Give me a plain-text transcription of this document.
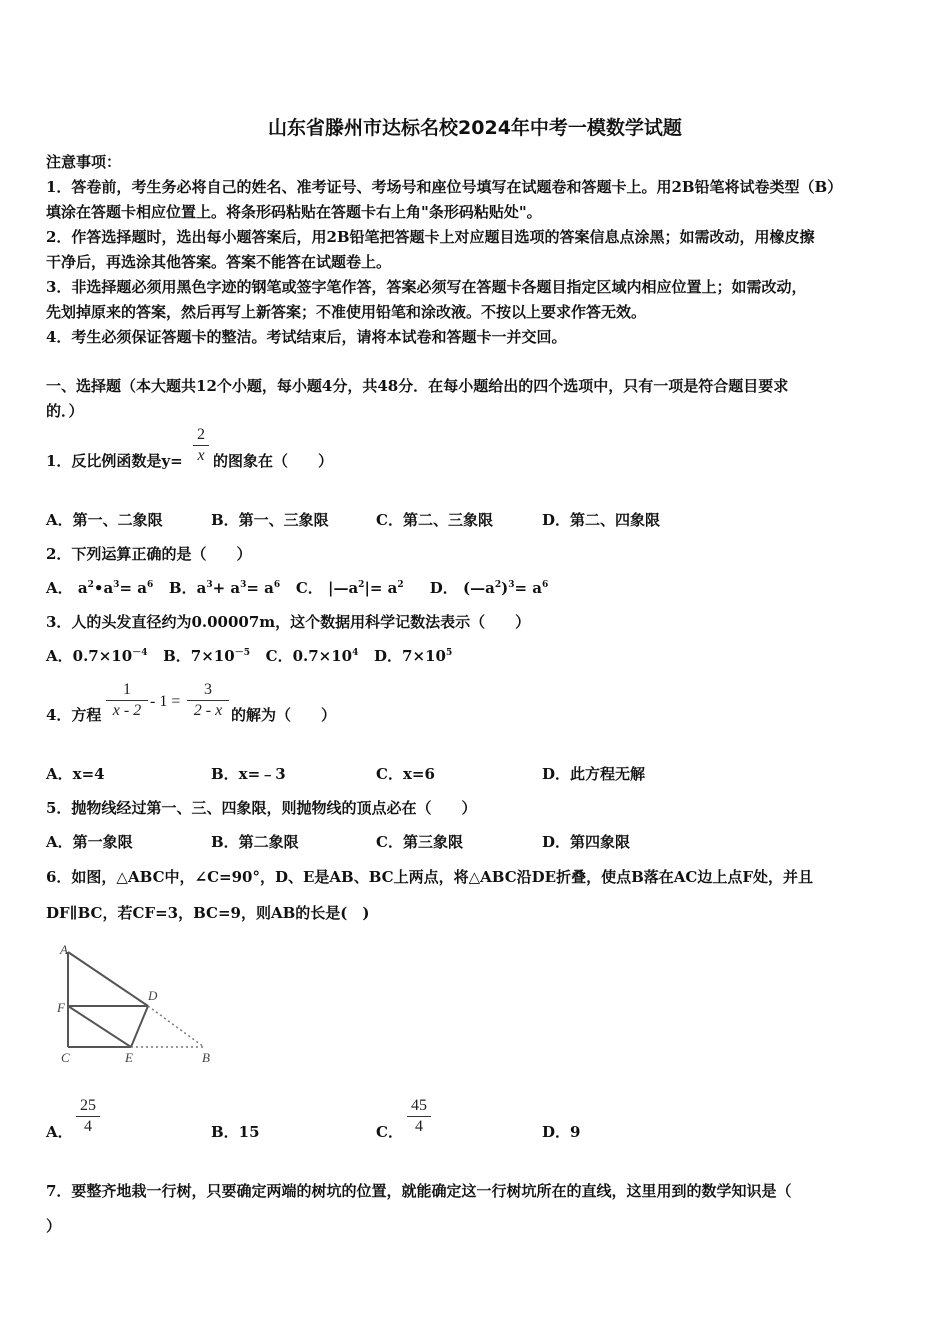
山东省滕州市达标名校2024年中考一模数学试题
注意事项：
1．答卷前，考生务必将自己的姓名、准考证号、考场号和座位号填写在试题卷和答题卡上。用2B铅笔将试卷类型（B）
填涂在答题卡相应位置上。将条形码粘贴在答题卡右上角"条形码粘贴处"。
2．作答选择题时，选出每小题答案后，用2B铅笔把答题卡上对应题目选项的答案信息点涂黑；如需改动，用橡皮擦
干净后，再选涂其他答案。答案不能答在试题卷上。
3．非选择题必须用黑色字迹的钢笔或签字笔作答，答案必须写在答题卡各题目指定区域内相应位置上；如需改动，
先划掉原来的答案，然后再写上新答案；不准使用铅笔和涂改液。不按以上要求作答无效。
4．考生必须保证答题卡的整洁。考试结束后，请将本试卷和答题卡一并交回。
一、选择题（本大题共12个小题，每小题4分，共48分．在每小题给出的四个选项中，只有一项是符合题目要求
的．）
1．反比例函数是y=
2
x 的图象在（　　）
A．第一、二象限	B．第一、三象限	C．第二、三象限	D．第二、四象限
2．下列运算正确的是（　　）
A． $a^2•a^3= a^6$ B．$a^3+ a^3= a^6$ C． $|—a^2|= a^2$ D． $(—a^2)^3= a^6$
3．人的头发直径约为0.00007m，这个数据用科学记数法表示（　　）
A．$0.7\times 10^{-4}$ B．$7\times 10^{-5}$ C．$0.7\times 10^4$ D．$7\times 10^5$
4．方程
1
x - 2
- 1 =
3
2 - x 的解为（　　）
A．x=4	B．x=﹣3	C．x=6	D．此方程无解
5．抛物线经过第一、三、四象限，则抛物线的顶点必在（　　）
A．第一象限	B．第二象限	C．第三象限	D．第四象限
6．如图，△ABC中，∠C=90°，D、E是AB、BC上两点，将△ABC沿DE折叠，使点B落在AC边上点F处，并且
DF∥BC，若CF=3，BC=9，则AB的长是(　)
A
D
F
C	E	B
A．
25
4	B．15	C．
45
4	D．9
7．要整齐地栽一行树，只要确定两端的树坑的位置，就能确定这一行树坑所在的直线，这里用到的数学知识是（
）
